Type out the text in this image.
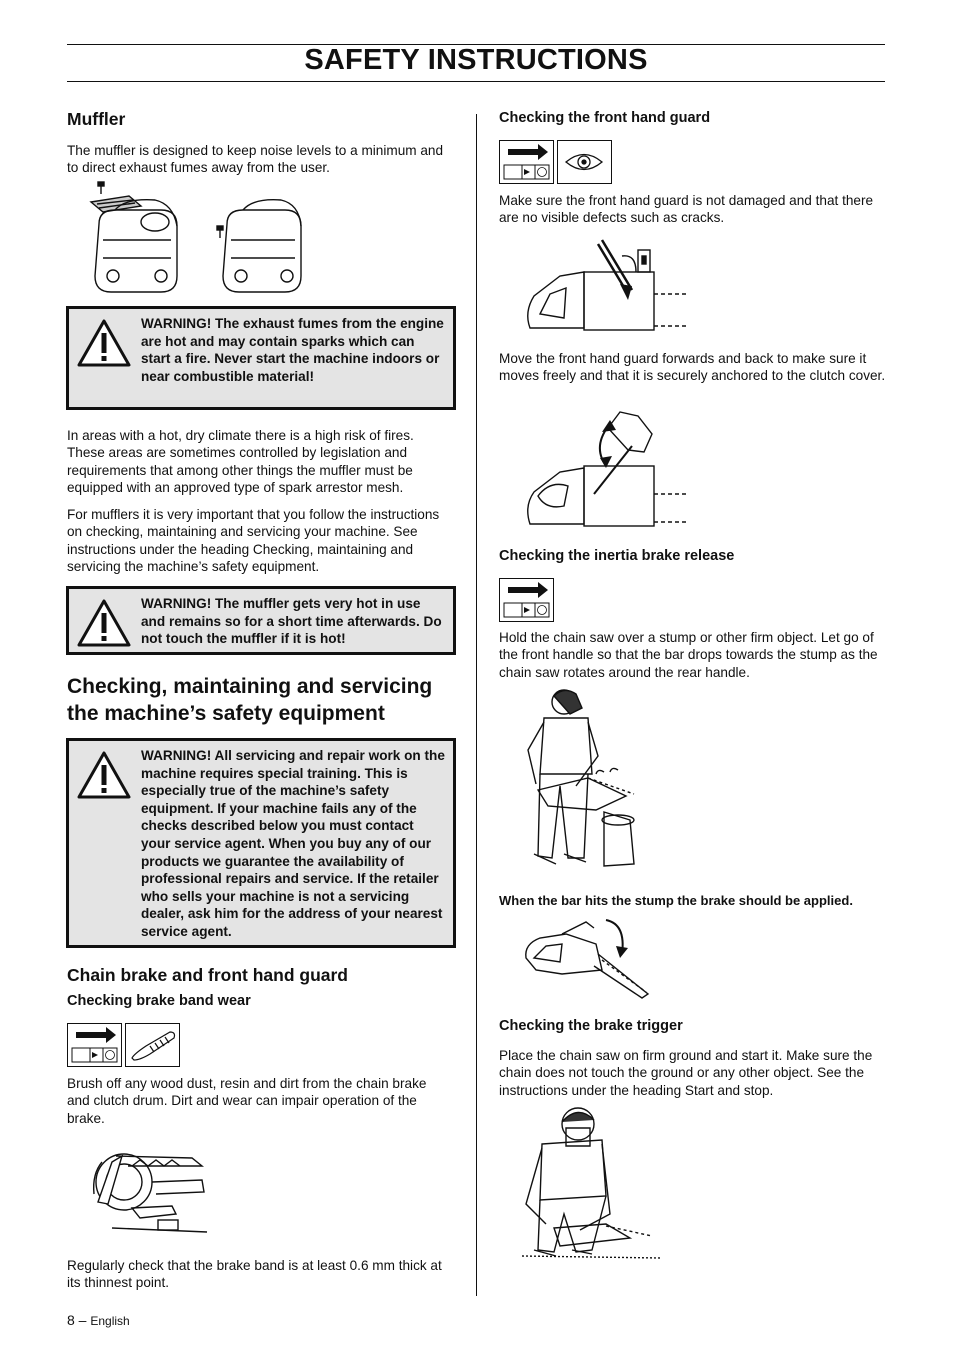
SAFETY INSTRUCTIONS
Muffler
The muffler is designed to keep noise levels to a minimum and to direct exhaust fumes away from the user.
WARNING! The exhaust fumes from the engine are hot and may contain sparks which can start a fire. Never start the machine indoors or near combustible material!
In areas with a hot, dry climate there is a high risk of fires. These areas are sometimes controlled by legislation and requirements that among other things the muffler must be equipped with an approved type of spark arrestor mesh.
For mufflers it is very important that you follow the instructions on checking, maintaining and servicing your machine. See instructions under the heading Checking, maintaining and servicing the machine’s safety equipment.
WARNING! The muffler gets very hot in use and remains so for a short time afterwards. Do not touch the muffler if it is hot!
Checking, maintaining and servicing
the machine’s safety equipment
WARNING! All servicing and repair work on the machine requires special training. This is especially true of the machine’s safety equipment. If your machine fails any of the checks described below you must contact your service agent. When you buy any of our products we guarantee the availability of professional repairs and service. If the retailer who sells your machine is not a servicing dealer, ask him for the address of your nearest service agent.
Chain brake and front hand guard
Checking brake band wear
Brush off any wood dust, resin and dirt from the chain brake and clutch drum. Dirt and wear can impair operation of the brake.
Regularly check that the brake band is at least 0.6 mm thick at its thinnest point.
Checking the front hand guard
Make sure the front hand guard is not damaged and that there are no visible defects such as cracks.
Move the front hand guard forwards and back to make sure it moves freely and that it is securely anchored to the clutch cover.
Checking the inertia brake release
Hold the chain saw over a stump or other firm object. Let go of the front handle so that the bar drops towards the stump as the chain saw rotates around the rear handle.
When the bar hits the stump the brake should be applied.
Checking the brake trigger
Place the chain saw on firm ground and start it. Make sure the chain does not touch the ground or any other object. See the instructions under the heading Start and stop.
8 – English
